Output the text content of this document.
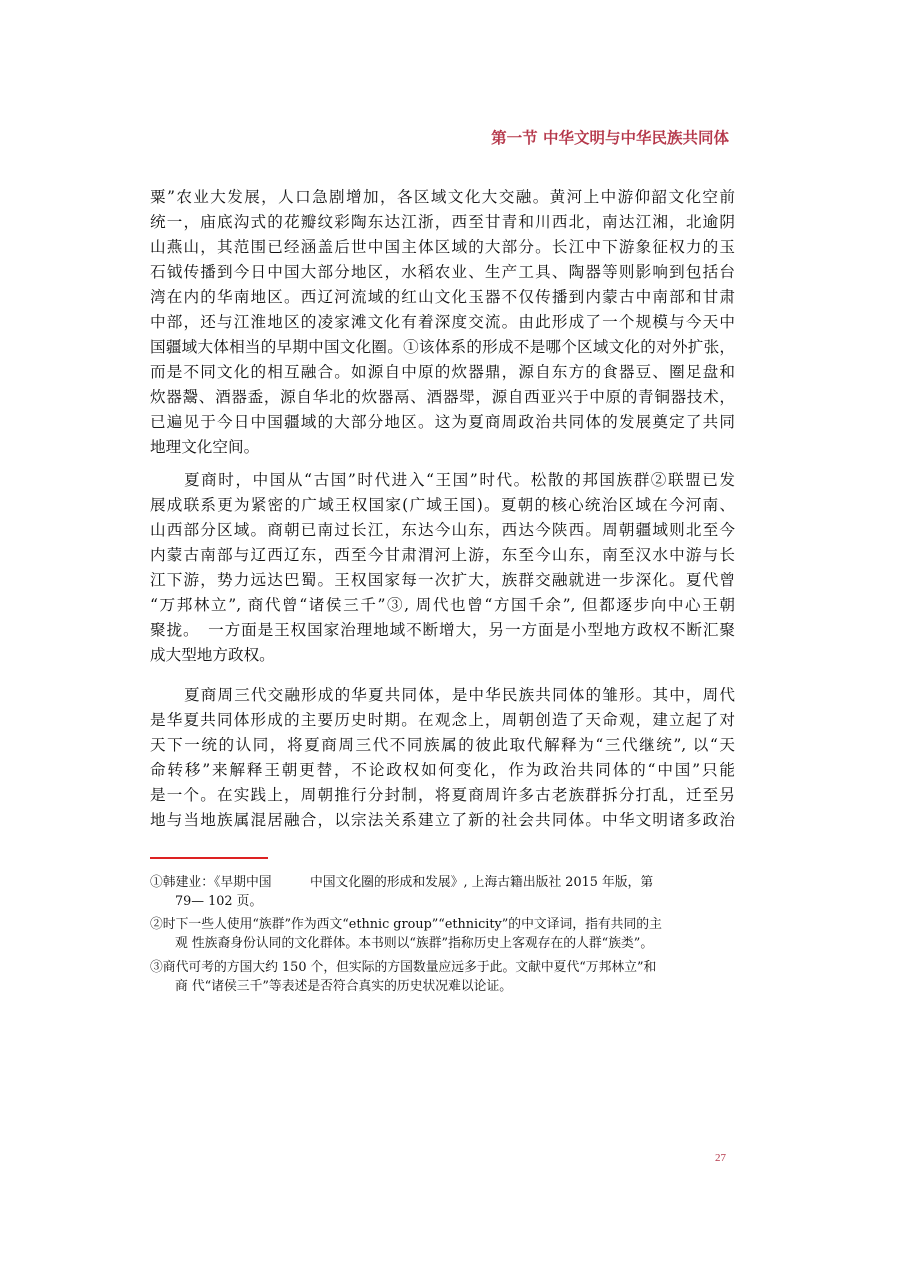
第一节 中华文明与中华民族共同体
粟”农业大发展，人口急剧增加，各区域文化大交融。黄河上中游仰韶文化空前
统一，庙底沟式的花瓣纹彩陶东达江浙，西至甘青和川西北，南达江湘，北逾阴
山燕山，其范围已经涵盖后世中国主体区域的大部分。长江中下游象征权力的玉
石钺传播到今日中国大部分地区，水稻农业、生产工具、陶器等则影响到包括台
湾在内的华南地区。西辽河流域的红山文化玉器不仅传播到内蒙古中南部和甘肃
中部，还与江淮地区的凌家滩文化有着深度交流。由此形成了一个规模与今天中
国疆域大体相当的早期中国文化圈。①该体系的形成不是哪个区域文化的对外扩张，
而是不同文化的相互融合。如源自中原的炊器鼎，源自东方的食器豆、圈足盘和
炊器鬶、酒器盉，源自华北的炊器鬲、酒器斝，源自西亚兴于中原的青铜器技术，
已遍见于今日中国疆域的大部分地区。这为夏商周政治共同体的发展奠定了共同
地理文化空间。
夏商时，中国从“古国”时代进入“王国”时代。松散的邦国族群②联盟已发
展成联系更为紧密的广域王权国家(广域王国)。夏朝的核心统治区域在今河南、
山西部分区域。商朝已南过长江，东达今山东，西达今陕西。周朝疆域则北至今
内蒙古南部与辽西辽东，西至今甘肃渭河上游，东至今山东，南至汉水中游与长
江下游，势力远达巴蜀。王权国家每一次扩大，族群交融就进一步深化。夏代曾
“万邦林立”, 商代曾“诸侯三千”③, 周代也曾“方国千余”, 但都逐步向中心王朝
聚拢。　一方面是王权国家治理地域不断增大，另一方面是小型地方政权不断汇聚
成大型地方政权。
夏商周三代交融形成的华夏共同体，是中华民族共同体的雏形。其中，周代
是华夏共同体形成的主要历史时期。在观念上，周朝创造了天命观，建立起了对
天下一统的认同，将夏商周三代不同族属的彼此取代解释为“三代继统”, 以“天
命转移”来解释王朝更替，不论政权如何变化，作为政治共同体的“中国”只能
是一个。在实践上，周朝推行分封制，将夏商周许多古老族群拆分打乱，迁至另
地与当地族属混居融合，以宗法关系建立了新的社会共同体。中华文明诸多政治
①韩建业：《早期中国　　　中国文化圈的形成和发展》, 上海古籍出版社 2015 年版，第
79— 102 页。
②时下一些人使用“族群”作为西文“ethnic group”“ethnicity”的中文译词，指有共同的主
观 性族裔身份认同的文化群体。本书则以“族群”指称历史上客观存在的人群“族类”。
③商代可考的方国大约 150 个，但实际的方国数量应远多于此。文献中夏代“万邦林立”和
商 代“诸侯三千”等表述是否符合真实的历史状况难以论证。
27
